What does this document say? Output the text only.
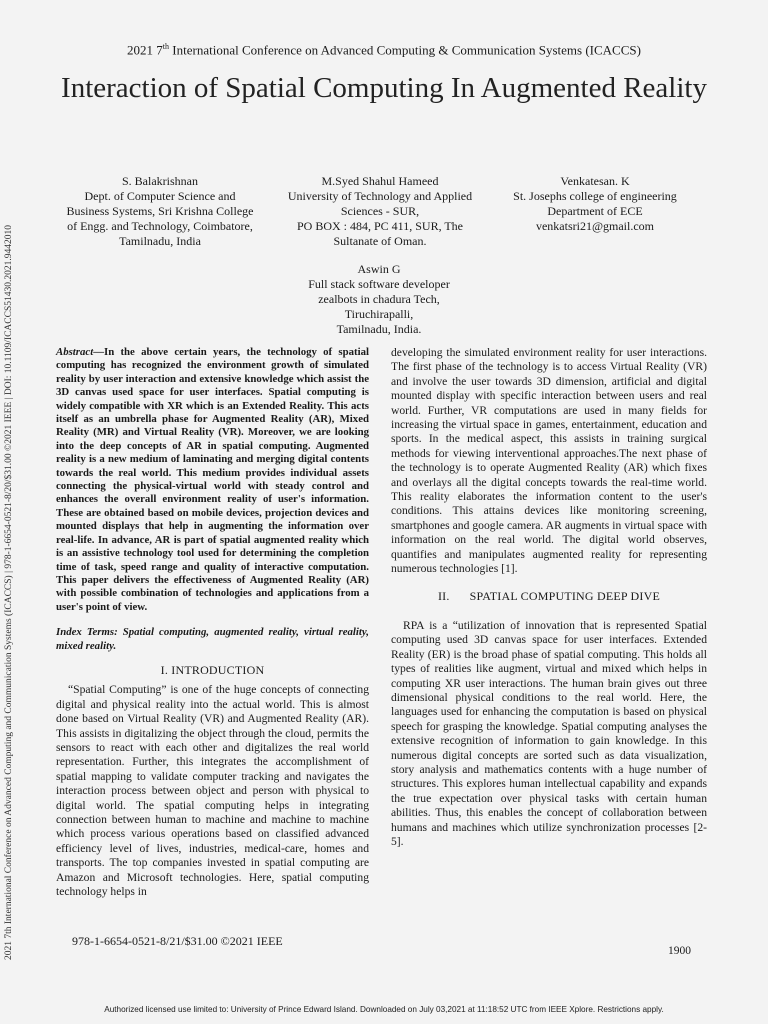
2021 7th International Conference on Advanced Computing & Communication Systems (ICACCS)
Interaction of Spatial Computing In Augmented Reality
2021 7th International Conference on Advanced Computing and Communication Systems (ICACCS) | 978-1-6654-0521-8/20/$31.00 ©2021 IEEE | DOI: 10.1109/ICACCS51430.2021.9442010
S. Balakrishnan
Dept. of Computer Science and
Business Systems, Sri Krishna College
of Engg. and Technology, Coimbatore,
Tamilnadu, India
M.Syed Shahul Hameed
University of Technology and Applied
Sciences - SUR,
PO BOX : 484, PC 411, SUR, The
Sultanate of Oman.
Venkatesan. K
St. Josephs college of engineering
Department of ECE
venkatsri21@gmail.com
Aswin G
Full stack software developer
zealbots in chadura Tech,
Tiruchirapalli,
Tamilnadu, India.

Abstract—In the above certain years, the technology of spatial computing has recognized the environment growth of simulated reality by user interaction and extensive knowledge which assist the 3D canvas used space for user interfaces. Spatial computing is widely compatible with XR which is an Extended Reality. This acts itself as an umbrella phase for Augmented Reality (AR), Mixed Reality (MR) and Virtual Reality (VR). Moreover, we are looking into the deep concepts of AR in spatial computing. Augmented reality is a new medium of laminating and merging digital contents towards the real world. This medium provides individual assets connecting the physical-virtual world with steady control and enhances the overall environment reality of user's information. These are obtained based on mobile devices, projection devices and mounted displays that help in augmenting the information over real-life. In advance, AR is part of spatial augmented reality which is an assistive technology tool used for determining the completion time of task, speed range and quality of interactive computation. This paper delivers the effectiveness of Augmented Reality (AR) with possible combination of technologies and applications from a user's point of view.

Index Terms: Spatial computing, augmented reality, virtual reality, mixed reality.

I. INTRODUCTION

“Spatial Computing” is one of the huge concepts of connecting digital and physical reality into the actual world. This is almost done based on Virtual Reality (VR) and Augmented Reality (AR). This assists in digitalizing the object through the cloud, permits the sensors to react with each other and digitalizes the real world representation. Further, this integrates the accomplishment of spatial mapping to validate computer tracking and navigates the interaction process between object and person with physical to digital world. The spatial computing helps in integrating connection between human to machine and machine to machine which process various operations based on classified advanced efficiency level of lives, industries, medical-care, homes and transports. The top companies invested in spatial computing are Amazon and Microsoft technologies. Here, spatial computing technology helps in

developing the simulated environment reality for user interactions. The first phase of the technology is to access Virtual Reality (VR) and involve the user towards 3D dimension, artificial and digital mounted display with specific interaction between users and real world. Further, VR computations are used in many fields for increasing the virtual space in games, entertainment, education and sports. In the medical aspect, this assists in training surgical methods for viewing interventional approaches.The next phase of the technology is to operate Augmented Reality (AR) which fixes and overlays all the digital concepts towards the real-time world. This reality elaborates the information content to the user's conditions. This attains devices like monitoring screening, smartphones and google camera. AR augments in virtual space with information on the real world. The digital world observes, quantifies and manipulates augmented reality for representing numerous technologies [1].

II. SPATIAL COMPUTING DEEP DIVE

RPA is a “utilization of innovation that is represented Spatial computing used 3D canvas space for user interfaces. Extended Reality (ER) is the broad phase of spatial computing. This holds all types of realities like augment, virtual and mixed which helps in computing XR user interactions. The human brain gives out three dimensional physical conditions to the real world. Here, the languages used for enhancing the computation is based on physical speech for grasping the knowledge. Spatial computing analyses the extensive recognition of information to gain knowledge. In this numerous digital concepts are sorted such as data visualization, story analysis and mathematics contents with a huge number of structures. This explores human intellectual capability and expands the true expectation over physical tasks with certain human abilities. Thus, this enables the concept of collaboration between humans and machines which utilize synchronization processes [2-5].

978-1-6654-0521-8/21/$31.00 ©2021 IEEE
1900
Authorized licensed use limited to: University of Prince Edward Island. Downloaded on July 03,2021 at 11:18:52 UTC from IEEE Xplore. Restrictions apply.
